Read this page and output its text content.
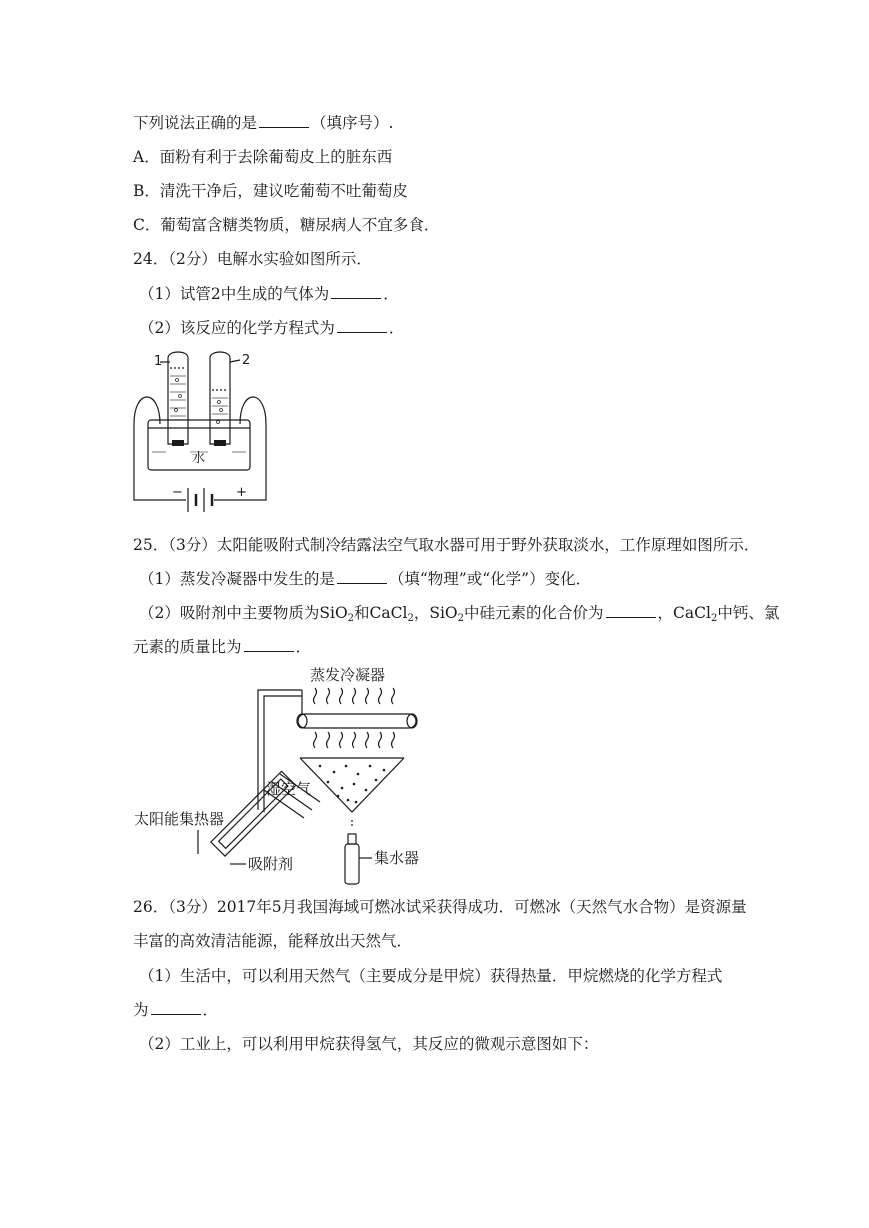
下列说法正确的是	（填序号）.
A．面粉有利于去除葡萄皮上的脏东西
B．清洗干净后，建议吃葡萄不吐葡萄皮
C．葡萄富含糖类物质，糖尿病人不宜多食．
24．（2分）电解水实验如图所示．
（1）试管2中生成的气体为	．
（2）该反应的化学方程式为	．
1	2
水
−	+
25．（3分）太阳能吸附式制冷结露法空气取水器可用于野外获取淡水，工作原理如图所示．
（1）蒸发冷凝器中发生的是	（填“物理”或“化学”）变化．
（2）吸附剂中主要物质为SiO$_2$和CaCl$_2$，SiO$_2$中硅元素的化合价为	，CaCl$_2$中钙、氯
元素的质量比为	．
蒸发冷凝器
湿空气
太阳能集热器
吸附剂	集水器
26．（3分）2017年5月我国海域可燃冰试采获得成功．可燃冰（天然气水合物）是资源量
丰富的高效清洁能源，能释放出天然气．
（1）生活中，可以利用天然气（主要成分是甲烷）获得热量．甲烷燃烧的化学方程式
为	．
（2）工业上，可以利用甲烷获得氢气，其反应的微观示意图如下：
